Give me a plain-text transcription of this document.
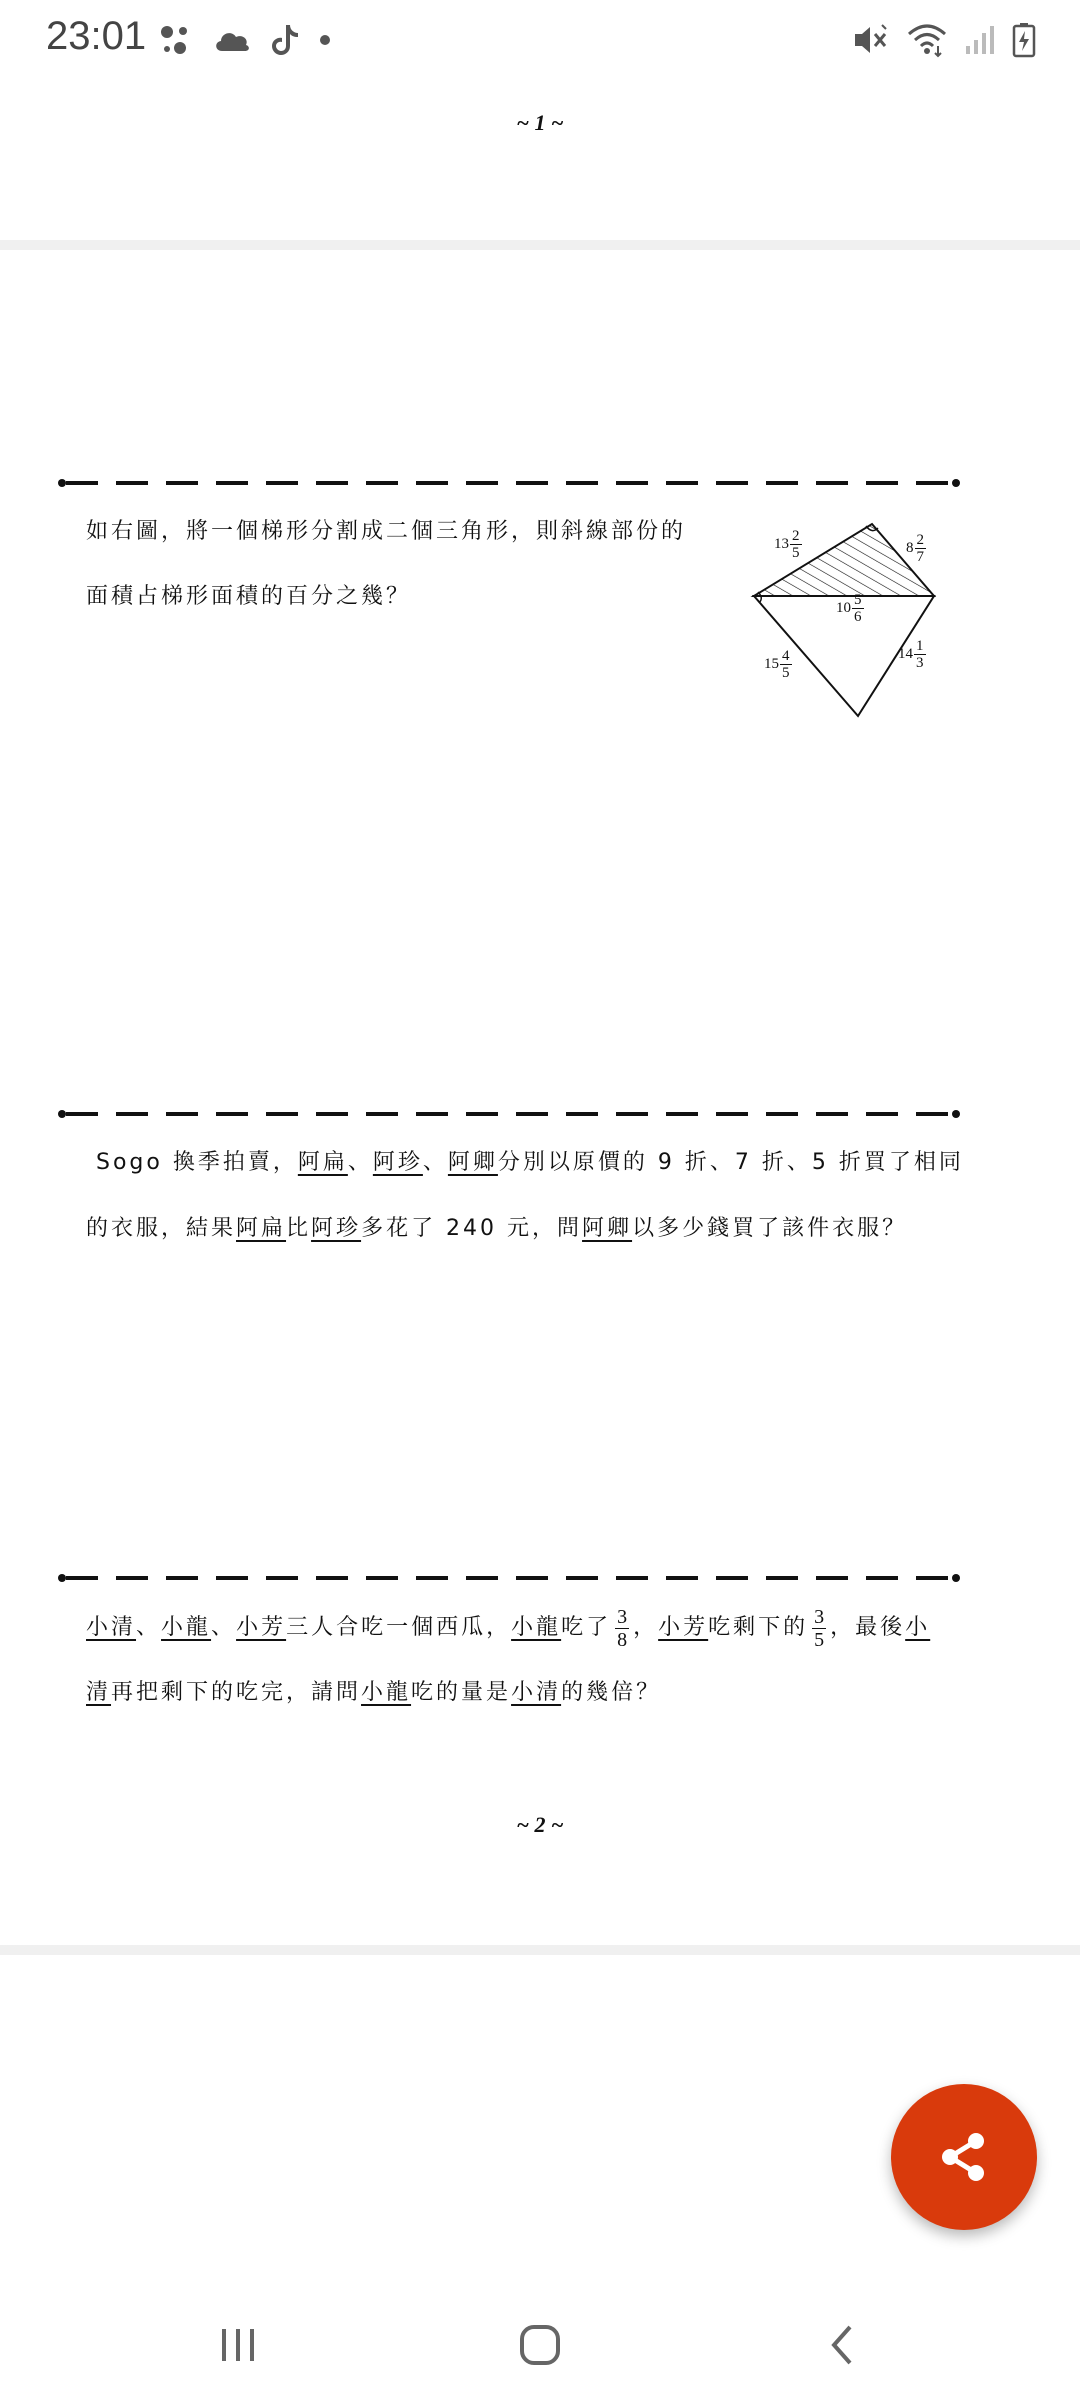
23:01
~ 1 ~
如右圖，將一個梯形分割成二個三角形，則斜線部份的
面積占梯形面積的百分之幾？
$13 \frac{2}{5}$	$8 \frac{2}{7}$
$10 \frac{5}{6}$
$15 \frac{4}{5}$	$14 \frac{1}{3}$
Sogo 換季拍賣，阿扁、阿珍、阿卿分別以原價的 9 折、7 折、5 折買了相同
的衣服，結果阿扁比阿珍多花了 240 元，問阿卿以多少錢買了該件衣服？
小清 、 小龍 、 小芳 三人合吃一個西瓜， 小龍 吃了 $\frac{3}{8}$ ， 小芳 吃剩下的 $\frac{3}{5}$ ，最後 小
清再把剩下的吃完，請問小龍吃的量是小清的幾倍？
~ 2 ~
